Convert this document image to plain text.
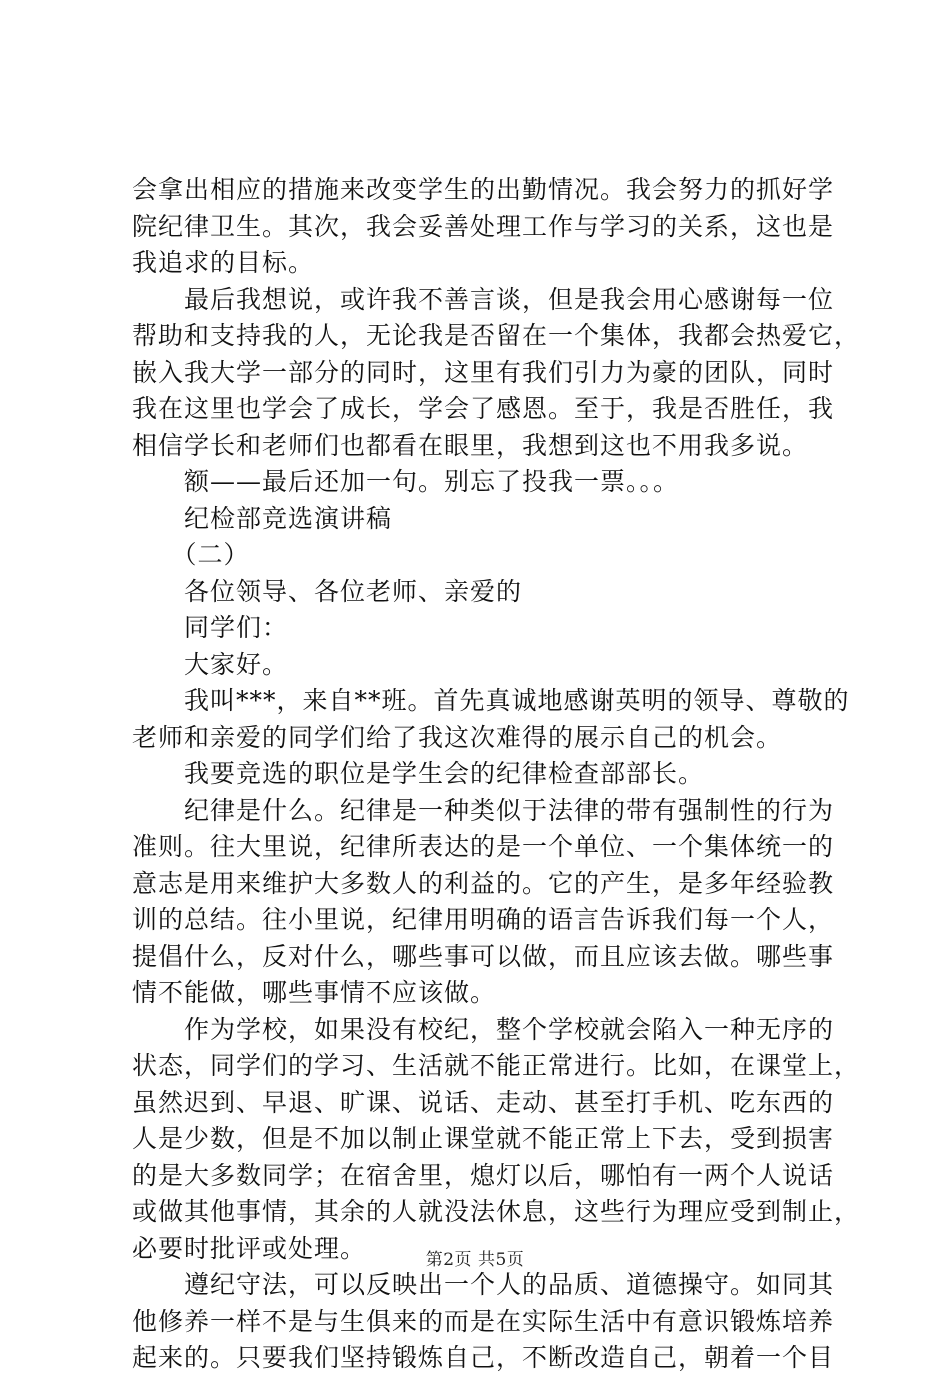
会拿出相应的措施来改变学生的出勤情况。我会努力的抓好学
院纪律卫生。其次，我会妥善处理工作与学习的关系，这也是
我追求的目标。
　　最后我想说，或许我不善言谈，但是我会用心感谢每一位
帮助和支持我的人，无论我是否留在一个集体，我都会热爱它，
嵌入我大学一部分的同时，这里有我们引力为豪的团队，同时
我在这里也学会了成长，学会了感恩。至于，我是否胜任，我
相信学长和老师们也都看在眼里，我想到这也不用我多说。
　　额——最后还加一句。别忘了投我一票。。。
　　纪检部竞选演讲稿
　　（二）
　　各位领导、各位老师、亲爱的
　　同学们：
　　大家好。
　　我叫***，来自**班。首先真诚地感谢英明的领导、尊敬的
老师和亲爱的同学们给了我这次难得的展示自己的机会。
　　我要竞选的职位是学生会的纪律检查部部长。
　　纪律是什么。纪律是一种类似于法律的带有强制性的行为
准则。往大里说，纪律所表达的是一个单位、一个集体统一的
意志是用来维护大多数人的利益的。它的产生，是多年经验教
训的总结。往小里说，纪律用明确的语言告诉我们每一个人，
提倡什么，反对什么，哪些事可以做，而且应该去做。哪些事
情不能做，哪些事情不应该做。
　　作为学校，如果没有校纪，整个学校就会陷入一种无序的
状态，同学们的学习、生活就不能正常进行。比如，在课堂上，
虽然迟到、早退、旷课、说话、走动、甚至打手机、吃东西的
人是少数，但是不加以制止课堂就不能正常上下去，受到损害
的是大多数同学；在宿舍里，熄灯以后，哪怕有一两个人说话
或做其他事情，其余的人就没法休息，这些行为理应受到制止，
必要时批评或处理。
　　遵纪守法，可以反映出一个人的品质、道德操守。如同其
他修养一样不是与生俱来的而是在实际生活中有意识锻炼培养
起来的。只要我们坚持锻炼自己，不断改造自己，朝着一个目
第2页 共5页
